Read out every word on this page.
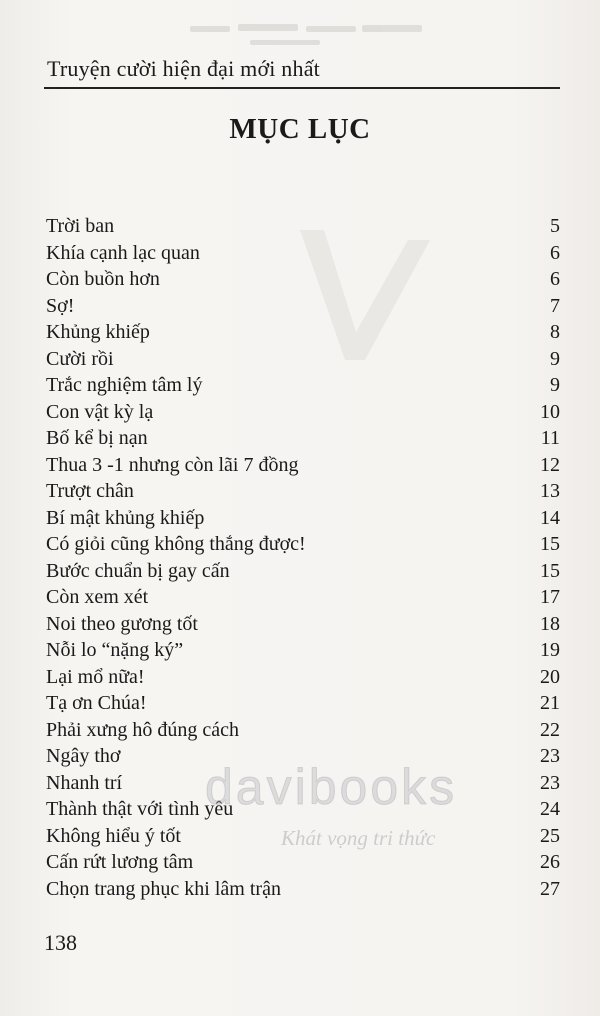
Truyện cười hiện đại mới nhất
MỤC LỤC
Trời ban	5
Khía cạnh lạc quan	6
Còn buồn hơn	6
Sợ!	7
Khủng khiếp	8
Cười rồi	9
Trắc nghiệm tâm lý	9
Con vật kỳ lạ	10
Bố kể bị nạn	11
Thua 3 -1 nhưng còn lãi 7 đồng	12
Trượt chân	13
Bí mật khủng khiếp	14
Có giỏi cũng không thắng được!	15
Bước chuẩn bị gay cấn	15
Còn xem xét	17
Noi theo gương tốt	18
Nỗi lo “nặng ký”	19
Lại mổ nữa!	20
Tạ ơn Chúa!	21
Phải xưng hô đúng cách	22
Ngây thơ	23
Nhanh trí	23
Thành thật với tình yêu	24
Không hiểu ý tốt	25
Cấn rứt lương tâm	26
Chọn trang phục khi lâm trận	27
davibooks
Khát vọng tri thức
138
